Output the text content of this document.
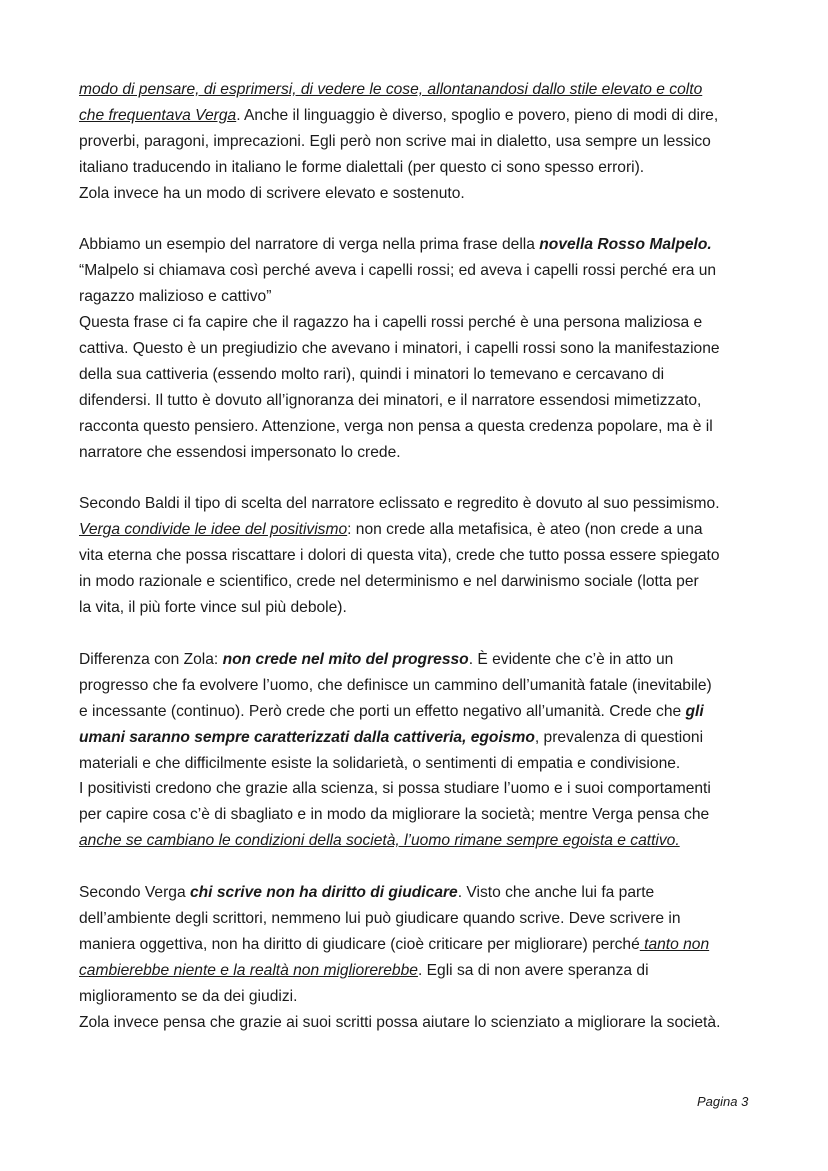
modo di pensare, di esprimersi, di vedere le cose, allontanandosi dallo stile elevato e colto
che frequentava Verga. Anche il linguaggio è diverso, spoglio e povero, pieno di modi di dire,
proverbi, paragoni, imprecazioni. Egli però non scrive mai in dialetto, usa sempre un lessico
italiano traducendo in italiano le forme dialettali (per questo ci sono spesso errori).
Zola invece ha un modo di scrivere elevato e sostenuto.
Abbiamo un esempio del narratore di verga nella prima frase della novella Rosso Malpelo.
“Malpelo si chiamava così perché aveva i capelli rossi; ed aveva i capelli rossi perché era un
ragazzo malizioso e cattivo”
Questa frase ci fa capire che il ragazzo ha i capelli rossi perché è una persona maliziosa e
cattiva. Questo è un pregiudizio che avevano i minatori, i capelli rossi sono la manifestazione
della sua cattiveria (essendo molto rari), quindi i minatori lo temevano e cercavano di
difendersi. Il tutto è dovuto all’ignoranza dei minatori, e il narratore essendosi mimetizzato,
racconta questo pensiero. Attenzione, verga non pensa a questa credenza popolare, ma è il
narratore che essendosi impersonato lo crede.
Secondo Baldi il tipo di scelta del narratore eclissato e regredito è dovuto al suo pessimismo.
Verga condivide le idee del positivismo: non crede alla metafisica, è ateo (non crede a una
vita eterna che possa riscattare i dolori di questa vita), crede che tutto possa essere spiegato
in modo razionale e scientifico, crede nel determinismo e nel darwinismo sociale (lotta per
la vita, il più forte vince sul più debole).
Differenza con Zola: non crede nel mito del progresso. È evidente che c’è in atto un
progresso che fa evolvere l’uomo, che definisce un cammino dell’umanità fatale (inevitabile)
e incessante (continuo). Però crede che porti un effetto negativo all’umanità. Crede che gli
umani saranno sempre caratterizzati dalla cattiveria, egoismo, prevalenza di questioni
materiali e che difficilmente esiste la solidarietà, o sentimenti di empatia e condivisione.
I positivisti credono che grazie alla scienza, si possa studiare l’uomo e i suoi comportamenti
per capire cosa c’è di sbagliato e in modo da migliorare la società; mentre Verga pensa che
anche se cambiano le condizioni della società, l’uomo rimane sempre egoista e cattivo.
Secondo Verga chi scrive non ha diritto di giudicare. Visto che anche lui fa parte
dell’ambiente degli scrittori, nemmeno lui può giudicare quando scrive. Deve scrivere in
maniera oggettiva, non ha diritto di giudicare (cioè criticare per migliorare) perché tanto non
cambierebbe niente e la realtà non migliorerebbe. Egli sa di non avere speranza di
miglioramento se da dei giudizi.
Zola invece pensa che grazie ai suoi scritti possa aiutare lo scienziato a migliorare la società.
Pagina 3
